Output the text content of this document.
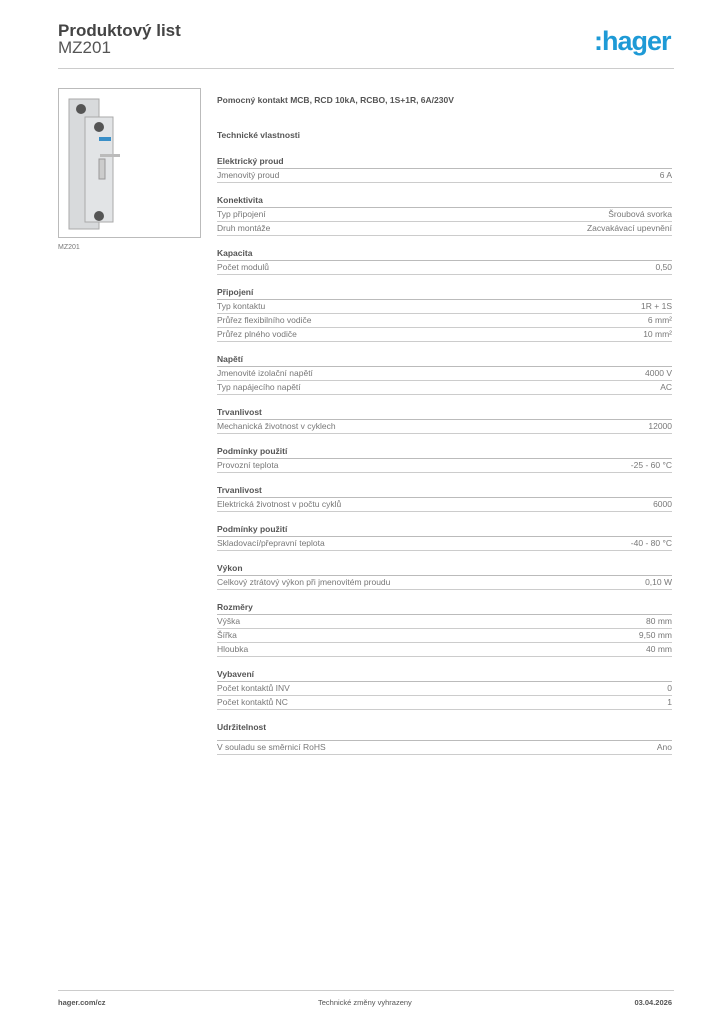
Produktový list
MZ201	:hager
MZ201
Pomocný kontakt MCB, RCD 10kA, RCBO, 1S+1R, 6A/230V
Technické vlastnosti
Elektrický proud
Jmenovitý proud	6 A
Konektivita
Typ připojení	Šroubová svorka
Druh montáže	Zacvakávací upevnění
Kapacita
Počet modulů	0,50
Připojení
Typ kontaktu	1R + 1S
Průřez flexibilního vodiče	6 mm²
Průřez plného vodiče	10 mm²
Napětí
Jmenovité izolační napětí	4000 V
Typ napájecího napětí	AC
Trvanlivost
Mechanická životnost v cyklech	12000
Podmínky použití
Provozní teplota	-25 - 60 °C
Trvanlivost
Elektrická životnost v počtu cyklů	6000
Podmínky použití
Skladovací/přepravní teplota	-40 - 80 °C
Výkon
Celkový ztrátový výkon při jmenovitém proudu	0,10 W
Rozměry
Výška	80 mm
Šířka	9,50 mm
Hloubka	40 mm
Vybavení
Počet kontaktů INV	0
Počet kontaktů NC	1
Udržitelnost
V souladu se směrnicí RoHS	Ano
hager.com/cz	Technické změny vyhrazeny	03.04.2026
